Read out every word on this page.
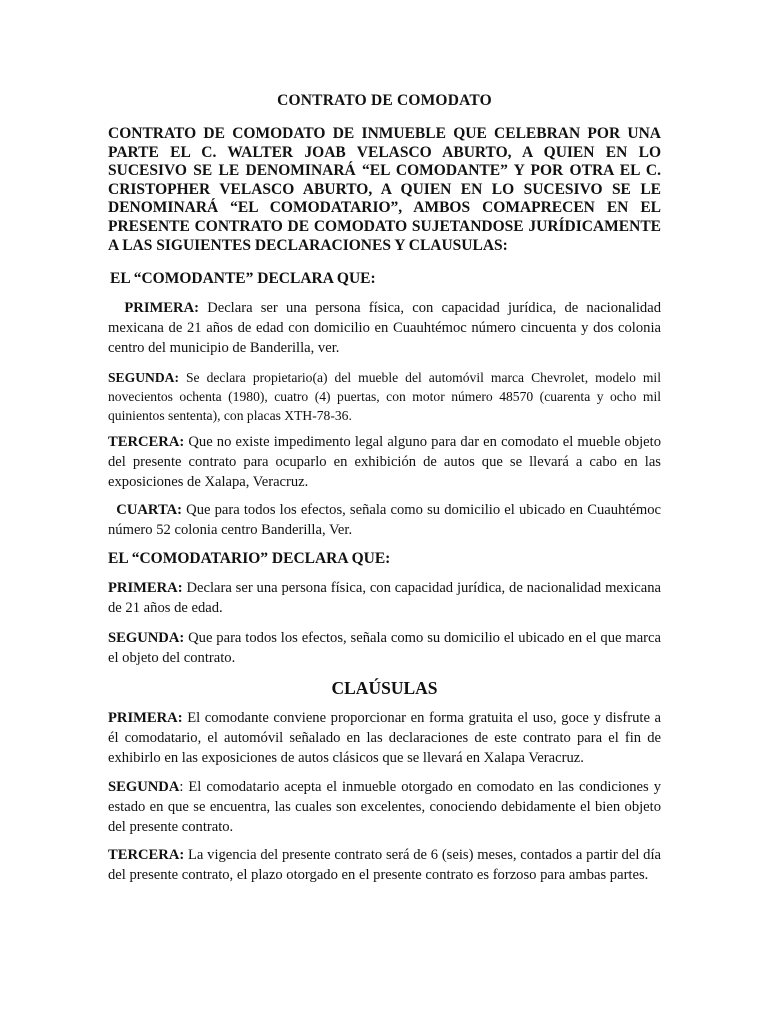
CONTRATO DE COMODATO

CONTRATO DE COMODATO DE INMUEBLE QUE CELEBRAN POR UNA PARTE EL C. WALTER JOAB VELASCO ABURTO, A QUIEN EN LO SUCESIVO SE LE DENOMINARÁ “EL COMODANTE” Y POR OTRA EL C. CRISTOPHER VELASCO ABURTO, A QUIEN EN LO SUCESIVO SE LE DENOMINARÁ “EL COMODATARIO”, AMBOS COMAPRECEN EN EL PRESENTE CONTRATO DE COMODATO SUJETANDOSE JURÍDICAMENTE A LAS SIGUIENTES DECLARACIONES Y CLAUSULAS:

EL “COMODANTE” DECLARA QUE:

PRIMERA: Declara ser una persona física, con capacidad jurídica, de nacionalidad mexicana de 21 años de edad con domicilio en Cuauhtémoc número cincuenta y dos colonia centro del municipio de Banderilla, ver.

SEGUNDA: Se declara propietario(a) del mueble del automóvil marca Chevrolet, modelo mil novecientos ochenta (1980), cuatro (4) puertas, con motor número 48570 (cuarenta y ocho mil quinientos sententa), con placas XTH-78-36.

TERCERA: Que no existe impedimento legal alguno para dar en comodato el mueble objeto del presente contrato para ocuparlo en exhibición de autos que se llevará a cabo en las exposiciones de Xalapa, Veracruz.

CUARTA: Que para todos los efectos, señala como su domicilio el ubicado en Cuauhtémoc número 52 colonia centro Banderilla, Ver.

EL “COMODATARIO” DECLARA QUE:

PRIMERA: Declara ser una persona física, con capacidad jurídica, de nacionalidad mexicana de 21 años de edad.

SEGUNDA: Que para todos los efectos, señala como su domicilio el ubicado en el que marca el objeto del contrato.

CLAÚSULAS

PRIMERA: El comodante conviene proporcionar en forma gratuita el uso, goce y disfrute a él comodatario, el automóvil señalado en las declaraciones de este contrato para el fin de exhibirlo en las exposiciones de autos clásicos que se llevará en Xalapa Veracruz.

SEGUNDA: El comodatario acepta el inmueble otorgado en comodato en las condiciones y estado en que se encuentra, las cuales son excelentes, conociendo debidamente el bien objeto del presente contrato.

TERCERA: La vigencia del presente contrato será de 6 (seis) meses, contados a partir del día del presente contrato, el plazo otorgado en el presente contrato es forzoso para ambas partes.
